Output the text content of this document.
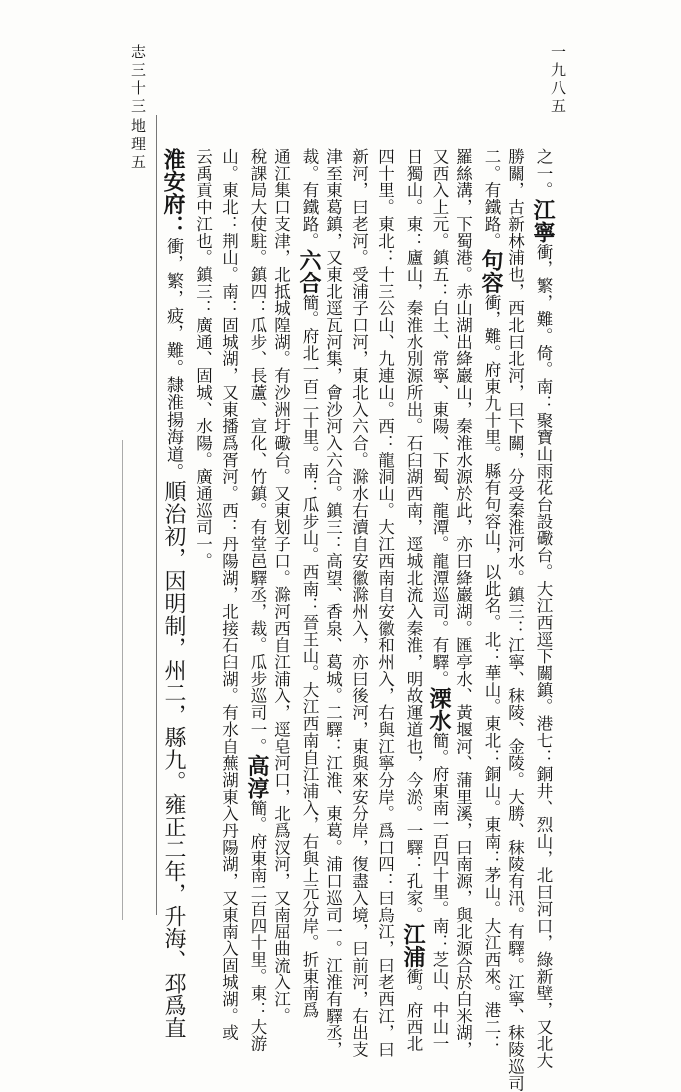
志三十三
地理五
一九八五
之一。江寧衝，繁，難。倚。南：聚寶山雨花台設礮台。大江西逕下關鎮。港七：銅井、烈山，北曰河口，綠新壁，又北大
勝關，古新林浦也，西北曰北河，曰下關，分受秦淮河水。鎮三：江寧、秣陵、金陵。大勝、秣陵有汛。有驛。江寧、秣陵巡司
二。有鐵路。句容衝，難。府東九十里。縣有句容山，以此名。北：華山。東北：銅山。東南：茅山。大江西來。港二：
羅絲溝，下蜀港。赤山湖出絳巖山，秦淮水源於此，亦曰絳巖湖。匯亭水、黃堰河、蒲里溪，曰南源，與北源合於白米湖，
又西入上元。鎮五：白土、常寧、東陽、下蜀、龍潭。龍潭巡司。有驛。溧水簡。府東南一百四十里。南：芝山、中山一
日獨山。東：廬山，秦淮水別源所出。石臼湖西南，逕城北流入秦淮，明故運道也，今淤。一驛：孔家。江浦衝。府西北
四十里。東北：十三公山、九連山。西：龍洞山。大江西南自安徽和州入，右與江寧分岸。爲口四：曰烏江，曰老西江，曰
新河，曰老河。受浦子口河，東北入六合。滁水右瀆自安徽滁州入，亦曰後河，東與來安分岸，復盡入境，曰前河，右出支
津至東葛鎮，又東北逕瓦河集，會沙河入六合。鎮三：高望、香泉、葛城。二驛：江淮、東葛。浦口巡司一。江淮有驛丞，
裁。有鐵路。六合簡。府北一百二十里。南：瓜步山。西南：晉王山。大江西南自江浦入，右與上元分岸。折東南爲
通江集口支津，北抵城隍湖。有沙洲圩礮台。又東划子口。滁河西自江浦入，逕皂河口，北爲汊河，又南屈曲流入江。
稅課局大使駐。鎮四：瓜步、長蘆、宣化、竹鎮。有堂邑驛丞，裁。瓜步巡司一。高淳簡。府東南二百四十里。東：大游
山。東北：荆山。南：固城湖，又東播爲胥河。西：丹陽湖，北接石臼湖。有水自蕪湖東入丹陽湖，又東南入固城湖。或
云禹貢中江也。鎮三：廣通、固城、水陽。廣通巡司一。
淮安府：衝，繁，疲，難。隸淮揚海道。順治初，因明制，州二，縣九。雍正二年，升海、邳爲直
